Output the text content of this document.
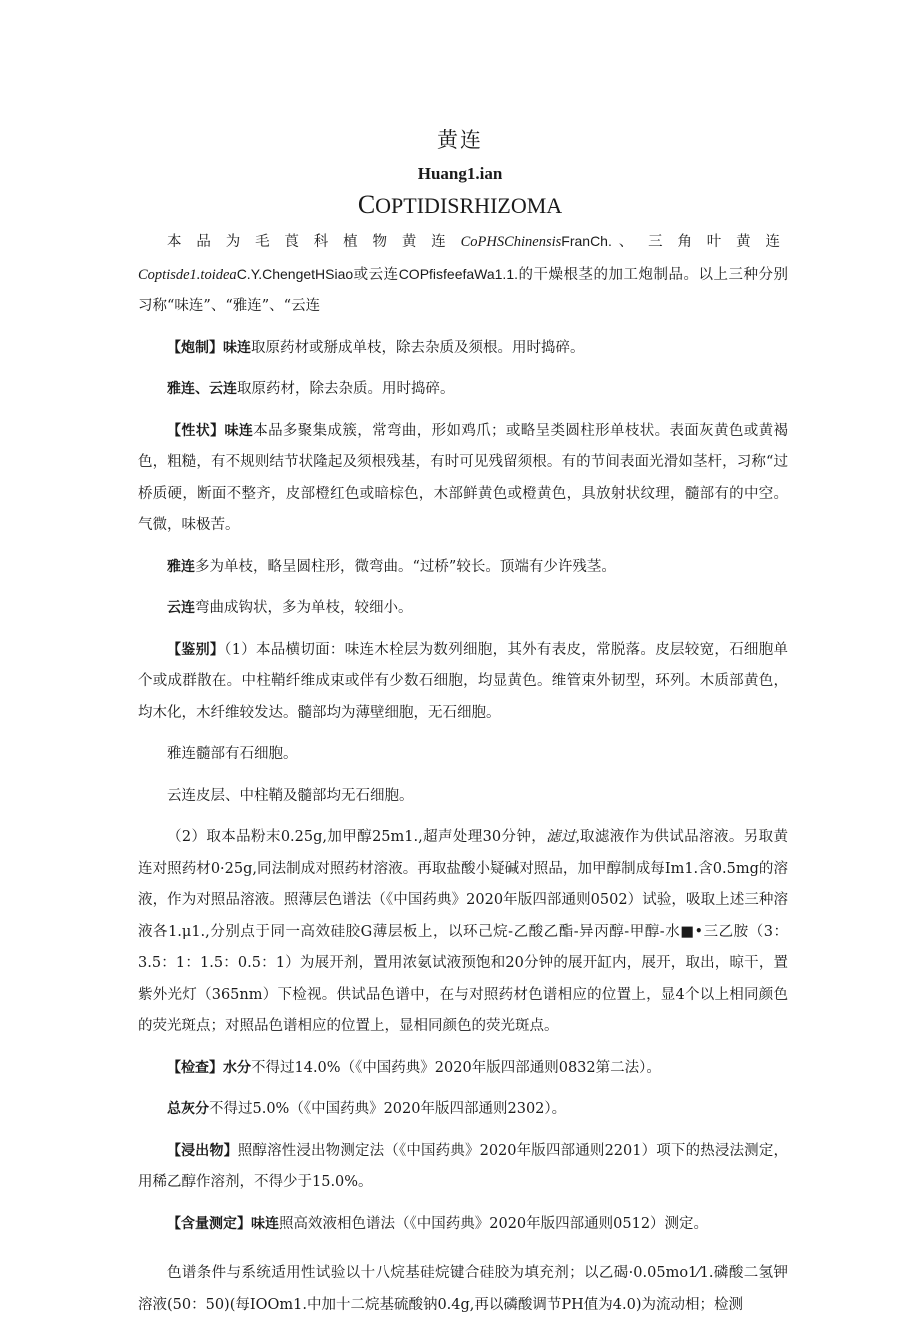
黄连
Huang1.ian
COPTIDISRHIZOMA

本品为毛莨科植物黄连CoPHSChinensisFranCh.、三角叶黄连Coptisde1.toideaC.Y.ChengetHSiao或云连COPfisfeefaWa1.1.的干燥根茎的加工炮制品。以上三种分别习称“味连”、“雅连”、“云连

【炮制】味连取原药材或掰成单枝，除去杂质及须根。用时捣碎。

雅连、云连取原药材，除去杂质。用时捣碎。

【性状】味连本品多聚集成簇，常弯曲，形如鸡爪；或略呈类圆柱形单枝状。表面灰黄色或黄褐色，粗糙，有不规则结节状隆起及须根残基，有时可见残留须根。有的节间表面光滑如茎杆，习称“过桥质硬，断面不整齐，皮部橙红色或暗棕色，木部鲜黄色或橙黄色，具放射状纹理，髓部有的中空。气微，味极苦。

雅连多为单枝，略呈圆柱形，微弯曲。“过桥”较长。顶端有少许残茎。

云连弯曲成钩状，多为单枝，较细小。

【鉴别】（1）本品横切面：味连木栓层为数列细胞，其外有表皮，常脱落。皮层较宽，石细胞单个或成群散在。中柱鞘纤维成束或伴有少数石细胞，均显黄色。维管束外韧型，环列。木质部黄色，均木化，木纤维较发达。髓部均为薄壁细胞，无石细胞。

雅连髓部有石细胞。

云连皮层、中柱鞘及髓部均无石细胞。

（2）取本品粉末0.25g,加甲醇25m1.,超声处理30分钟，滤过,取滤液作为供试品溶液。另取黄连对照药材0·25g,同法制成对照药材溶液。再取盐酸小疑碱对照品，加甲醇制成每Im1.含0.5mg的溶液，作为对照品溶液。照薄层色谱法（《中国药典》2020年版四部通则0502）试验，吸取上述三种溶液各1.μ1.,分别点于同一高效硅胶G薄层板上，以环己烷-乙酸乙酯-异丙醇-甲醇-水■•三乙胺（3：3.5：1：1.5：0.5：1）为展开剂，置用浓氨试液预饱和20分钟的展开缸内，展开，取出，晾干，置紫外光灯（365nm）下检视。供试品色谱中，在与对照药材色谱相应的位置上，显4个以上相同颜色的荧光斑点；对照品色谱相应的位置上，显相同颜色的荧光斑点。

【检查】水分不得过14.0%（《中国药典》2020年版四部通则0832第二法）。

总灰分不得过5.0%（《中国药典》2020年版四部通则2302）。

【浸出物】照醇溶性浸出物测定法（《中国药典》2020年版四部通则2201）项下的热浸法测定，用稀乙醇作溶剂，不得少于15.0%。

【含量测定】味连照高效液相色谱法（《中国药典》2020年版四部通则0512）测定。

色谱条件与系统适用性试验以十八烷基硅烷键合硅胶为填充剂；以乙碣·0.05mo1⁄1.磷酸二氢钾溶液(50：50)(每IOOm1.中加十二烷基硫酸钠0.4g,再以磷酸调节PH值为4.0)为流动相；检测
